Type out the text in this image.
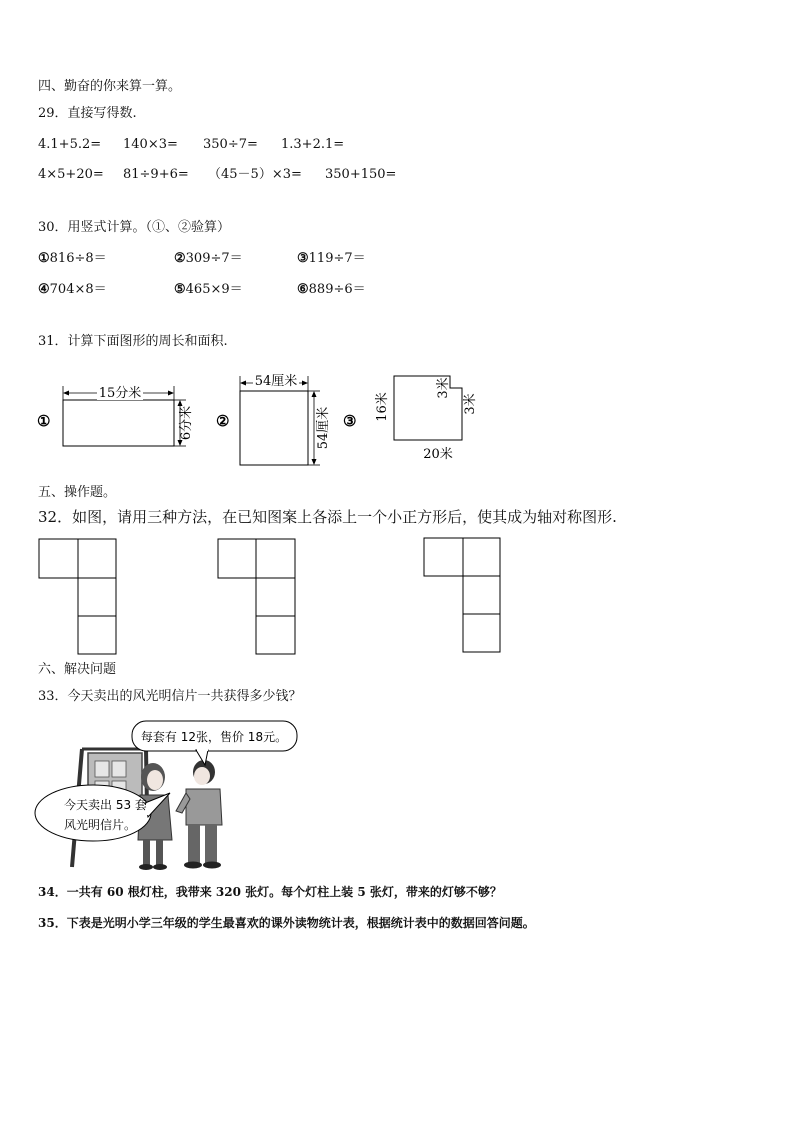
四、勤奋的你来算一算。
29．直接写得数.
4.1+5.2= 140×3= 350÷7= 1.3+2.1=
4×5+20= 81÷9+6= （45－5）×3= 350+150=
30．用竖式计算。（①、②验算）
①816÷8＝	②309÷7＝	③119÷7＝
④704×8＝	⑤465×9＝	⑥889÷6＝
31．计算下面图形的周长和面积.
①
15分米
6分米 ②
54厘米
54厘米 ③ 16米
3米
3米
20米
五、操作题。
32．如图，请用三种方法，在已知图案上各添上一个小正方形后，使其成为轴对称图形.
六、解决问题
33．今天卖出的风光明信片一共获得多少钱？
每套有 12张，售价 18元。
今天卖出 53 套
风光明信片。
34．一共有 60 根灯柱，我带来 320 张灯。每个灯柱上装 5 张灯，带来的灯够不够？
35．下表是光明小学三年级的学生最喜欢的课外读物统计表，根据统计表中的数据回答问题。
